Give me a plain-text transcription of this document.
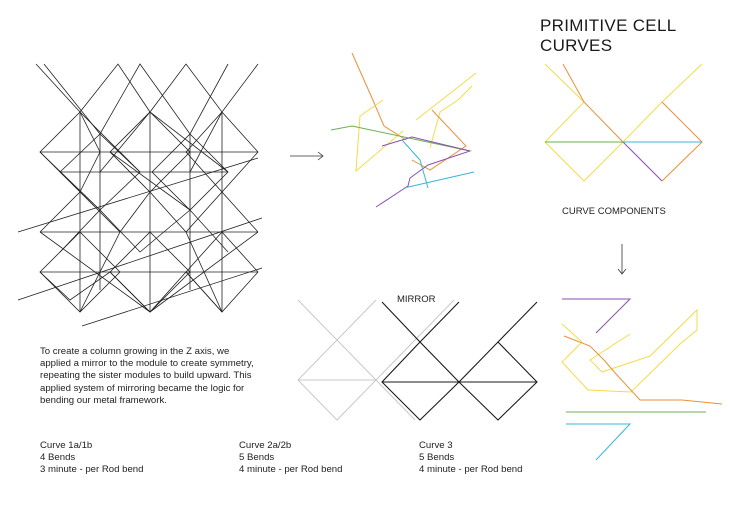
PRIMITIVE CELL CURVES
CURVE COMPONENTS
MIRROR
To create a column growing in the Z axis, we applied a mirror to the module to create symmetry, repeating the sister modules to build upward. This applied system of mirroring became the logic for bending our metal framework.
Curve 1a/1b
4 Bends
3 minute - per Rod bend
Curve 2a/2b
5 Bends
4 minute - per Rod bend
Curve 3
5 Bends
4 minute - per Rod bend
